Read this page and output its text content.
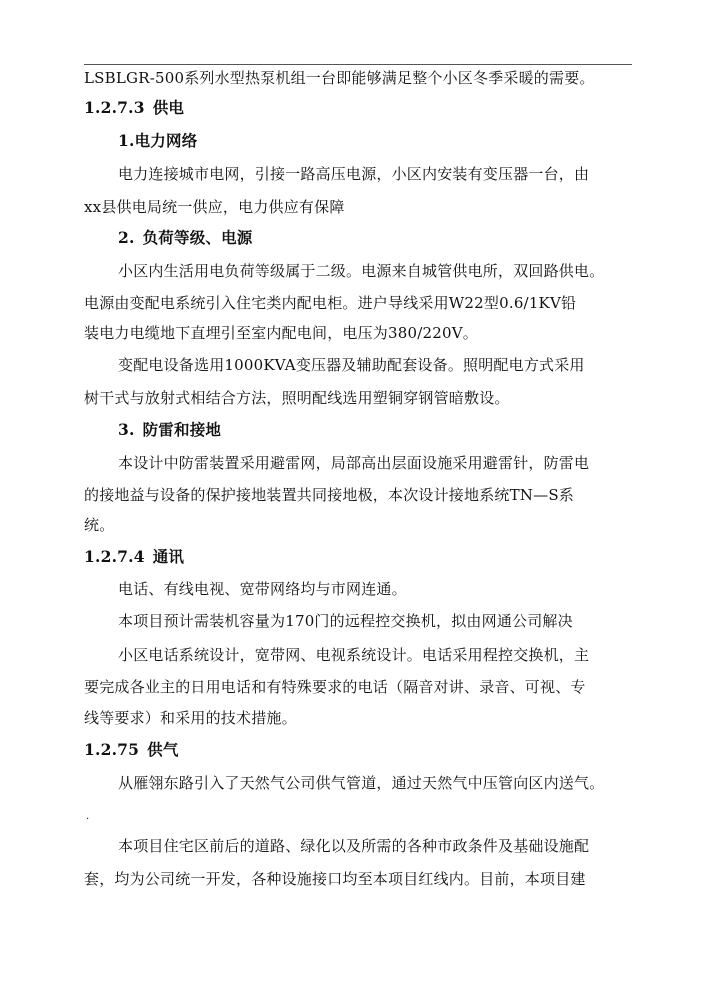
LSBLGR-500系列水型热泵机组一台即能够满足整个小区冬季采暖的需要。
1.2.7.3 供电
1.电力网络
电力连接城市电网，引接一路高压电源，小区内安装有变压器一台，由
xx县供电局统一供应，电力供应有保障
2. 负荷等级、电源
小区内生活用电负荷等级属于二级。电源来自城管供电所，双回路供电。
电源由变配电系统引入住宅类内配电柜。进户导线采用W22型0.6/1KV铅
装电力电缆地下直埋引至室内配电间，电压为380/220V。
变配电设备选用1000KVA变压器及辅助配套设备。照明配电方式采用
树干式与放射式相结合方法，照明配线选用塑铜穿钢管暗敷设。
3. 防雷和接地
本设计中防雷装置采用避雷网，局部高出层面设施采用避雷针，防雷电
的接地益与设备的保护接地装置共同接地极，本次设计接地系统TN—S系
统。
1.2.7.4 通讯
电话、有线电视、宽带网络均与市网连通。
本项目预计需装机容量为170门的远程控交换机，拟由网通公司解决
小区电话系统设计，宽带网、电视系统设计。电话采用程控交换机，主
要完成各业主的日用电话和有特殊要求的电话（隔音对讲、录音、可视、专
线等要求）和采用的技术措施。
1.2.75 供气
从雁翎东路引入了天然气公司供气管道，通过天然气中压管向区内送气。
.
本项目住宅区前后的道路、绿化以及所需的各种市政条件及基础设施配
套，均为公司统一开发，各种设施接口均至本项目红线内。目前，本项目建
